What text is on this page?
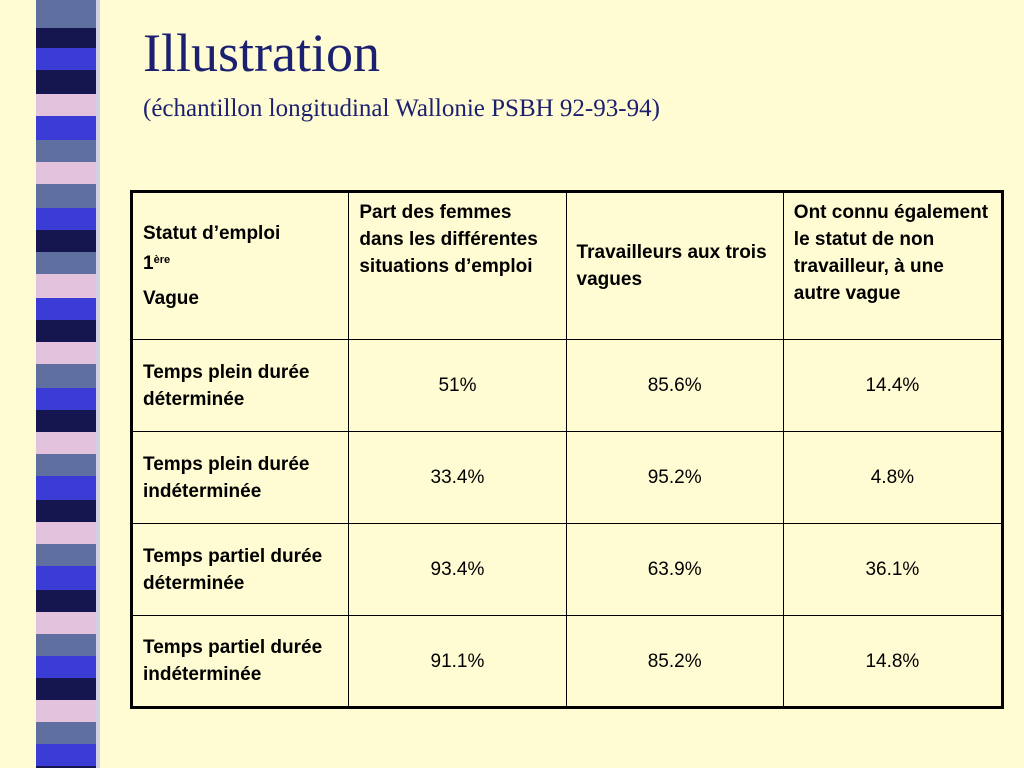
Illustration
(échantillon longitudinal Wallonie PSBH 92-93-94)
Statut d’emploi

1ère
Vague	Part des femmes dans les différentes situations d’emploi	Travailleurs aux trois vagues	Ont connu également le statut de non travailleur, à une autre vague
Temps plein durée déterminée	51%	85.6%	14.4%
Temps plein durée indéterminée	33.4%	95.2%	4.8%
Temps partiel durée déterminée	93.4%	63.9%	36.1%
Temps partiel durée indéterminée	91.1%	85.2%	14.8%
